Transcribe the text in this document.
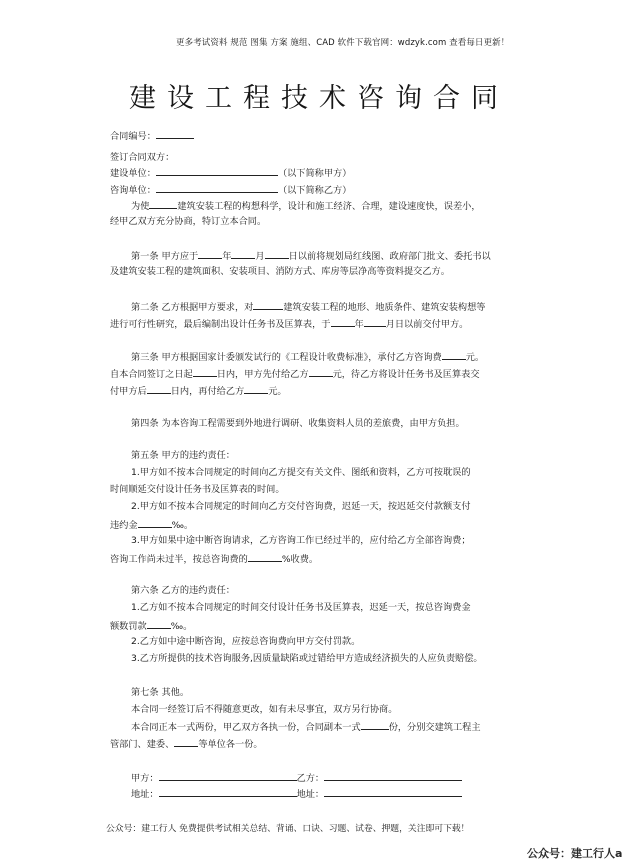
更多考试资料 规范 图集 方案 施组、CAD 软件下载官网：wdzyk.com 查看每日更新！
建设工程技术咨询合同
合同编号：
签订合同双方：
建设单位：	（以下简称甲方）
咨询单位：	（以下简称乙方）
为使	建筑安装工程的构想科学，设计和施工经济、合理，建设速度快，误差小，
经甲乙双方充分协商，特订立本合同。
第一条 甲方应于	年	月	日以前将规划局红线图、政府部门批文、委托书以
及建筑安装工程的建筑面积、安装项目、消防方式、库房等层净高等资料提交乙方。
第二条 乙方根据甲方要求，对	建筑安装工程的地形、地质条件、建筑安装构想等
进行可行性研究，最后编制出设计任务书及匡算表，于	年 月日以前交付甲方。
第三条 甲方根据国家计委颁发试行的《工程设计收费标准》，承付乙方咨询费	元。
自本合同签订之日起	日内，甲方先付给乙方	元，待乙方将设计任务书及匡算表交
付甲方后	日内，再付给乙方	元。
第四条 为本咨询工程需要到外地进行调研、收集资料人员的差旅费，由甲方负担。
第五条 甲方的违约责任：
1.甲方如不按本合同规定的时间向乙方提交有关文件、图纸和资料，乙方可按耽误的
时间顺延交付设计任务书及匡算表的时间。
2.甲方如不按本合同规定的时间向乙方交付咨询费，迟延一天，按迟延交付款额支付
违约金	‰。
3.甲方如果中途中断咨询请求，乙方咨询工作已经过半的，应付给乙方全部咨询费；
咨询工作尚未过半，按总咨询费的	%收费。
第六条 乙方的违约责任：
1.乙方如不按本合同规定的时间交付设计任务书及匡算表，迟延一天，按总咨询费金
额数罚款	‰。
2.乙方如中途中断咨询，应按总咨询费向甲方交付罚款。
3.乙方所提供的技术咨询服务,因质量缺陷或过错给甲方造成经济损失的人应负责赔偿。
第七条 其他。
本合同一经签订后不得随意更改，如有未尽事宜，双方另行协商。
本合同正本一式两份，甲乙双方各执一份，合同副本一式	份，分别交建筑工程主
管部门、建委、	等单位各一份。
甲方：	乙方：
地址：	地址：
公众号：建工行人 免费提供考试相关总结、背诵、口诀、习题、试卷、押题，关注即可下载！
公众号：建工行人a
